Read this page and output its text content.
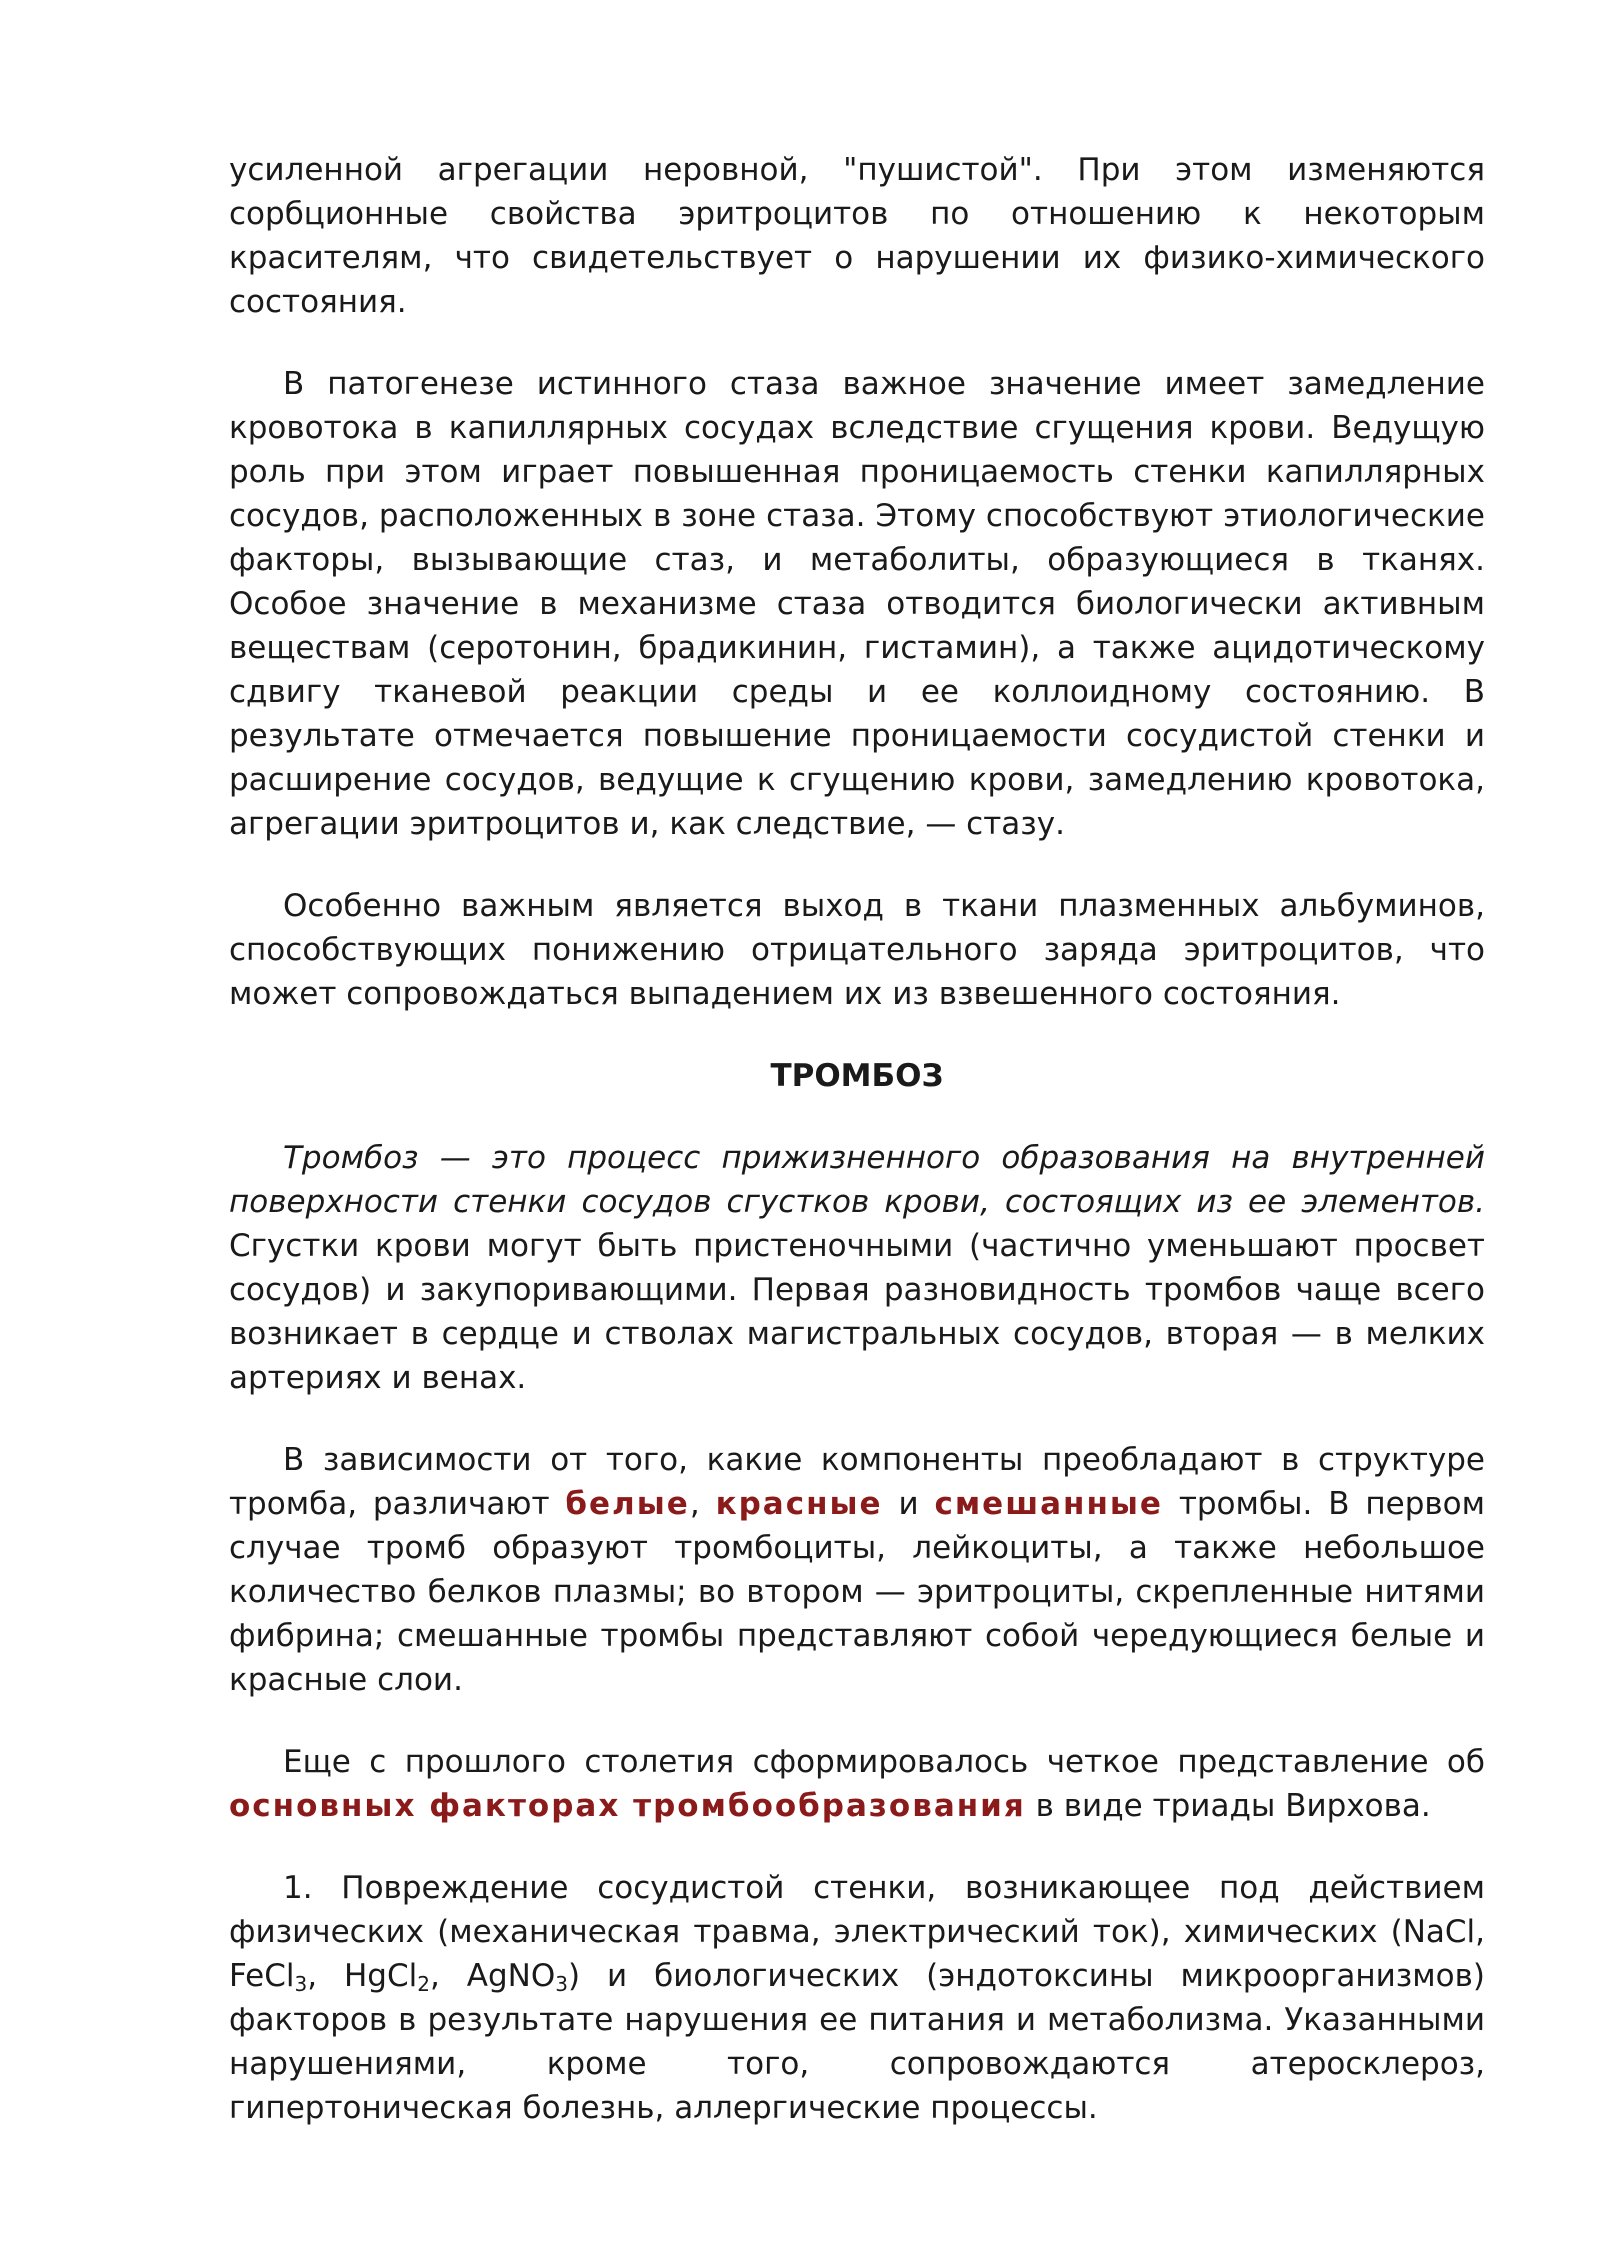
усиленной агрегации неровной, "пушистой". При этом изменяются сорбционные свойства эритроцитов по отношению к некоторым красителям, что свидетельствует о нарушении их физико-химического состояния.

В патогенезе истинного стаза важное значение имеет замедление кровотока в капиллярных сосудах вследствие сгущения крови. Ведущую роль при этом играет повышенная проницаемость стенки капиллярных сосудов, расположенных в зоне стаза. Этому способствуют этиологические факторы, вызывающие стаз, и метаболиты, образующиеся в тканях. Особое значение в механизме стаза отводится биологически активным веществам (серотонин, брадикинин, гистамин), а также ацидотическому сдвигу тканевой реакции среды и ее коллоидному состоянию. В результате отмечается повышение проницаемости сосудистой стенки и расширение сосудов, ведущие к сгущению крови, замедлению кровотока, агрегации эритроцитов и, как следствие, — стазу.

Особенно важным является выход в ткани плазменных альбуминов, способствующих понижению отрицательного заряда эритроцитов, что может сопровождаться выпадением их из взвешенного состояния.

ТРОМБОЗ

Тромбоз — это процесс прижизненного образования на внутренней поверхности стенки сосудов сгустков крови, состоящих из ее элементов. Сгустки крови могут быть пристеночными (частично уменьшают просвет сосудов) и закупоривающими. Первая разновидность тромбов чаще всего возникает в сердце и стволах магистральных сосудов, вторая — в мелких артериях и венах.

В зависимости от того, какие компоненты преобладают в структуре тромба, различают белые, красные и смешанные тромбы. В первом случае тромб образуют тромбоциты, лейкоциты, а также небольшое количество белков плазмы; во втором — эритроциты, скрепленные нитями фибрина; смешанные тромбы представляют собой чередующиеся белые и красные слои.

Еще с прошлого столетия сформировалось четкое представление об основных факторах тромбообразования в виде триады Вирхова.

1. Повреждение сосудистой стенки, возникающее под действием физических (механическая травма, электрический ток), химических (NaCl, FeCl$_3$, HgCl$_2$, AgNO$_3$) и биологических (эндотоксины микроорганизмов) факторов в результате нарушения ее питания и метаболизма. Указанными нарушениями, кроме того, сопровождаются атеросклероз, гипертоническая болезнь, аллергические процессы.
